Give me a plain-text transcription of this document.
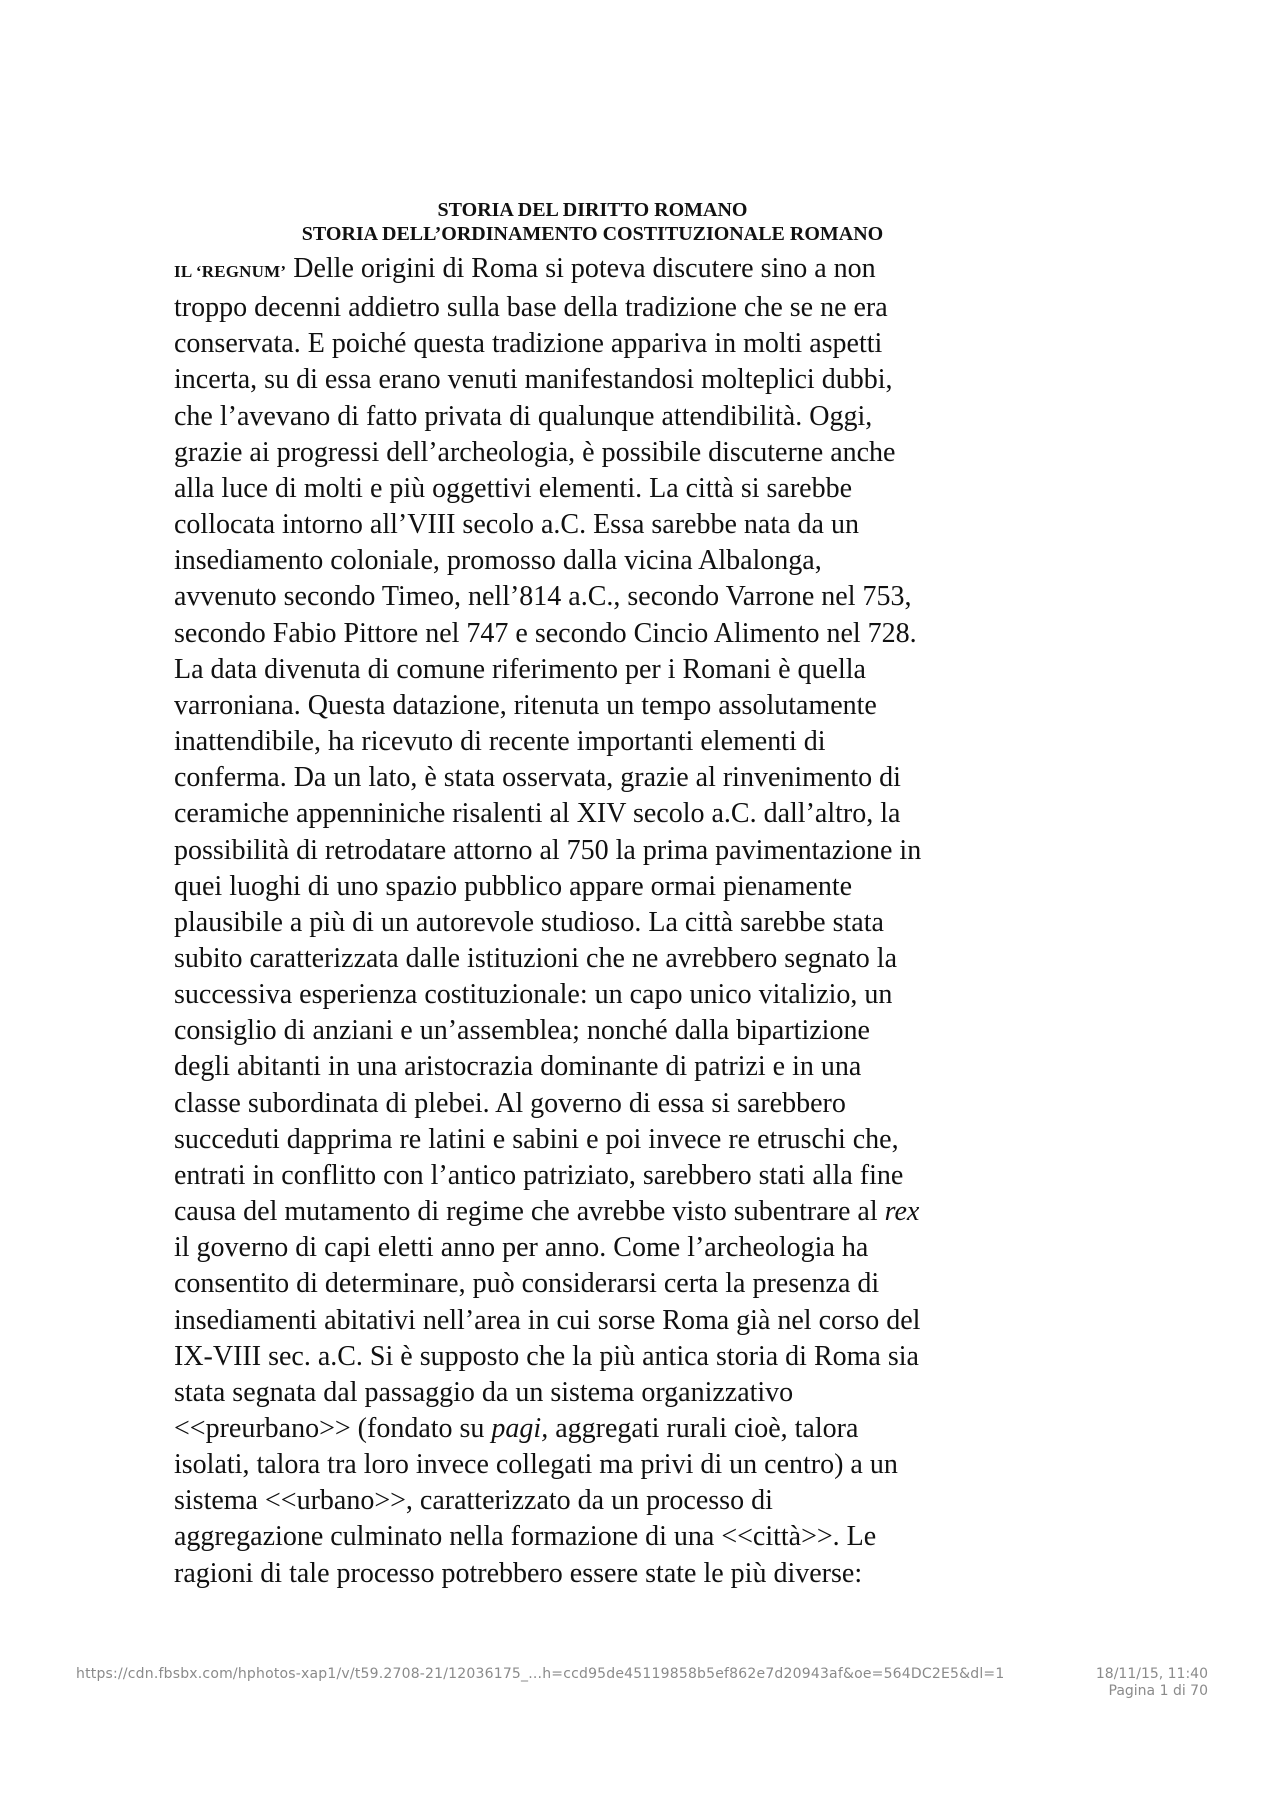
STORIA DEL DIRITTO ROMANO
STORIA DELL’ORDINAMENTO COSTITUZIONALE ROMANO
IL ‘REGNUM’ Delle origini di Roma si poteva discutere sino a non
troppo decenni addietro sulla base della tradizione che se ne era
conservata. E poiché questa tradizione appariva in molti aspetti
incerta, su di essa erano venuti manifestandosi molteplici dubbi,
che l’avevano di fatto privata di qualunque attendibilità. Oggi,
grazie ai progressi dell’archeologia, è possibile discuterne anche
alla luce di molti e più oggettivi elementi. La città si sarebbe
collocata intorno all’VIII secolo a.C. Essa sarebbe nata da un
insediamento coloniale, promosso dalla vicina Albalonga,
avvenuto secondo Timeo, nell’814 a.C., secondo Varrone nel 753,
secondo Fabio Pittore nel 747 e secondo Cincio Alimento nel 728.
La data divenuta di comune riferimento per i Romani è quella
varroniana. Questa datazione, ritenuta un tempo assolutamente
inattendibile, ha ricevuto di recente importanti elementi di
conferma. Da un lato, è stata osservata, grazie al rinvenimento di
ceramiche appenniniche risalenti al XIV secolo a.C. dall’altro, la
possibilità di retrodatare attorno al 750 la prima pavimentazione in
quei luoghi di uno spazio pubblico appare ormai pienamente
plausibile a più di un autorevole studioso. La città sarebbe stata
subito caratterizzata dalle istituzioni che ne avrebbero segnato la
successiva esperienza costituzionale: un capo unico vitalizio, un
consiglio di anziani e un’assemblea; nonché dalla bipartizione
degli abitanti in una aristocrazia dominante di patrizi e in una
classe subordinata di plebei. Al governo di essa si sarebbero
succeduti dapprima re latini e sabini e poi invece re etruschi che,
entrati in conflitto con l’antico patriziato, sarebbero stati alla fine
causa del mutamento di regime che avrebbe visto subentrare al rex
il governo di capi eletti anno per anno. Come l’archeologia ha
consentito di determinare, può considerarsi certa la presenza di
insediamenti abitativi nell’area in cui sorse Roma già nel corso del
IX-VIII sec. a.C. Si è supposto che la più antica storia di Roma sia
stata segnata dal passaggio da un sistema organizzativo
<<preurbano>> (fondato su pagi, aggregati rurali cioè, talora
isolati, talora tra loro invece collegati ma privi di un centro) a un
sistema <<urbano>>, caratterizzato da un processo di
aggregazione culminato nella formazione di una <<città>>. Le
ragioni di tale processo potrebbero essere state le più diverse:
https://cdn.fbsbx.com/hphotos-xap1/v/t59.2708-21/12036175_...h=ccd95de45119858b5ef862e7d20943af&oe=564DC2E5&dl=1	18/11/15, 11:40
Pagina 1 di 70
